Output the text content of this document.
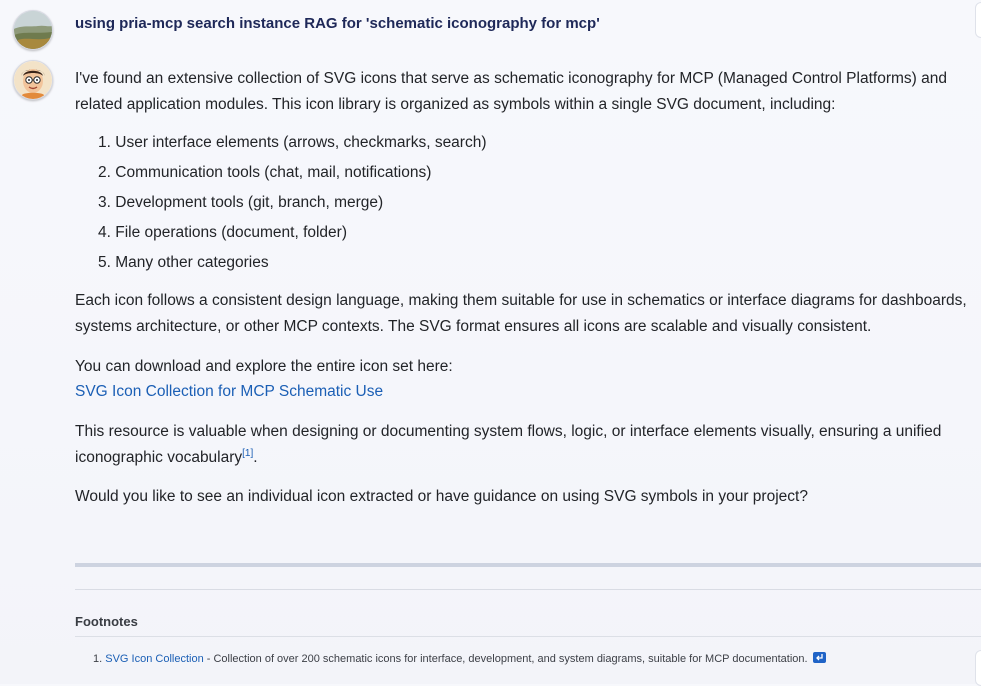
using pria-mcp search instance RAG for 'schematic iconography for mcp'

I've found an extensive collection of SVG icons that serve as schematic iconography for MCP (Managed Control Platforms) and related application modules. This icon library is organized as symbols within a single SVG document, including:

1. User interface elements (arrows, checkmarks, search)
2. Communication tools (chat, mail, notifications)
3. Development tools (git, branch, merge)
4. File operations (document, folder)
5. Many other categories

Each icon follows a consistent design language, making them suitable for use in schematics or interface diagrams for dashboards, systems architecture, or other MCP contexts. The SVG format ensures all icons are scalable and visually consistent.

You can download and explore the entire icon set here:
SVG Icon Collection for MCP Schematic Use

This resource is valuable when designing or documenting system flows, logic, or interface elements visually, ensuring a unified iconographic vocabulary[1].

Would you like to see an individual icon extracted or have guidance on using SVG symbols in your project?

Footnotes
1. SVG Icon Collection - Collection of over 200 schematic icons for interface, development, and system diagrams, suitable for MCP documentation.
